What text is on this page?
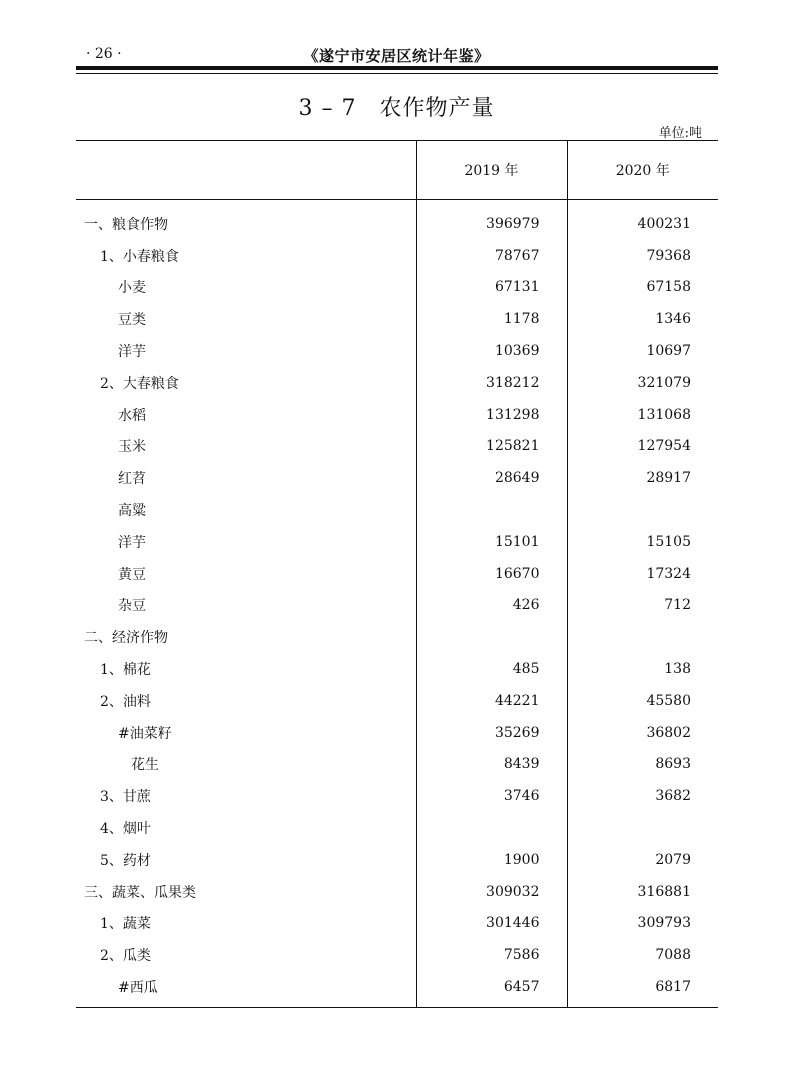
· 26 ·	《遂宁市安居区统计年鉴》
3 – 7　农作物产量
单位:吨
	2019 年	2020 年
一、粮食作物	396979	400231
1、小春粮食	78767	79368
小麦	67131	67158
豆类	1178	1346
洋芋	10369	10697
2、大春粮食	318212	321079
水稻	131298	131068
玉米	125821	127954
红苕	28649	28917
高粱		
洋芋	15101	15105
黄豆	16670	17324
杂豆	426	712
二、经济作物		
1、棉花	485	138
2、油料	44221	45580
#油菜籽	35269	36802
花生	8439	8693
3、甘蔗	3746	3682
4、烟叶		
5、药材	1900	2079
三、蔬菜、瓜果类	309032	316881
1、蔬菜	301446	309793
2、瓜类	7586	7088
#西瓜	6457	6817
